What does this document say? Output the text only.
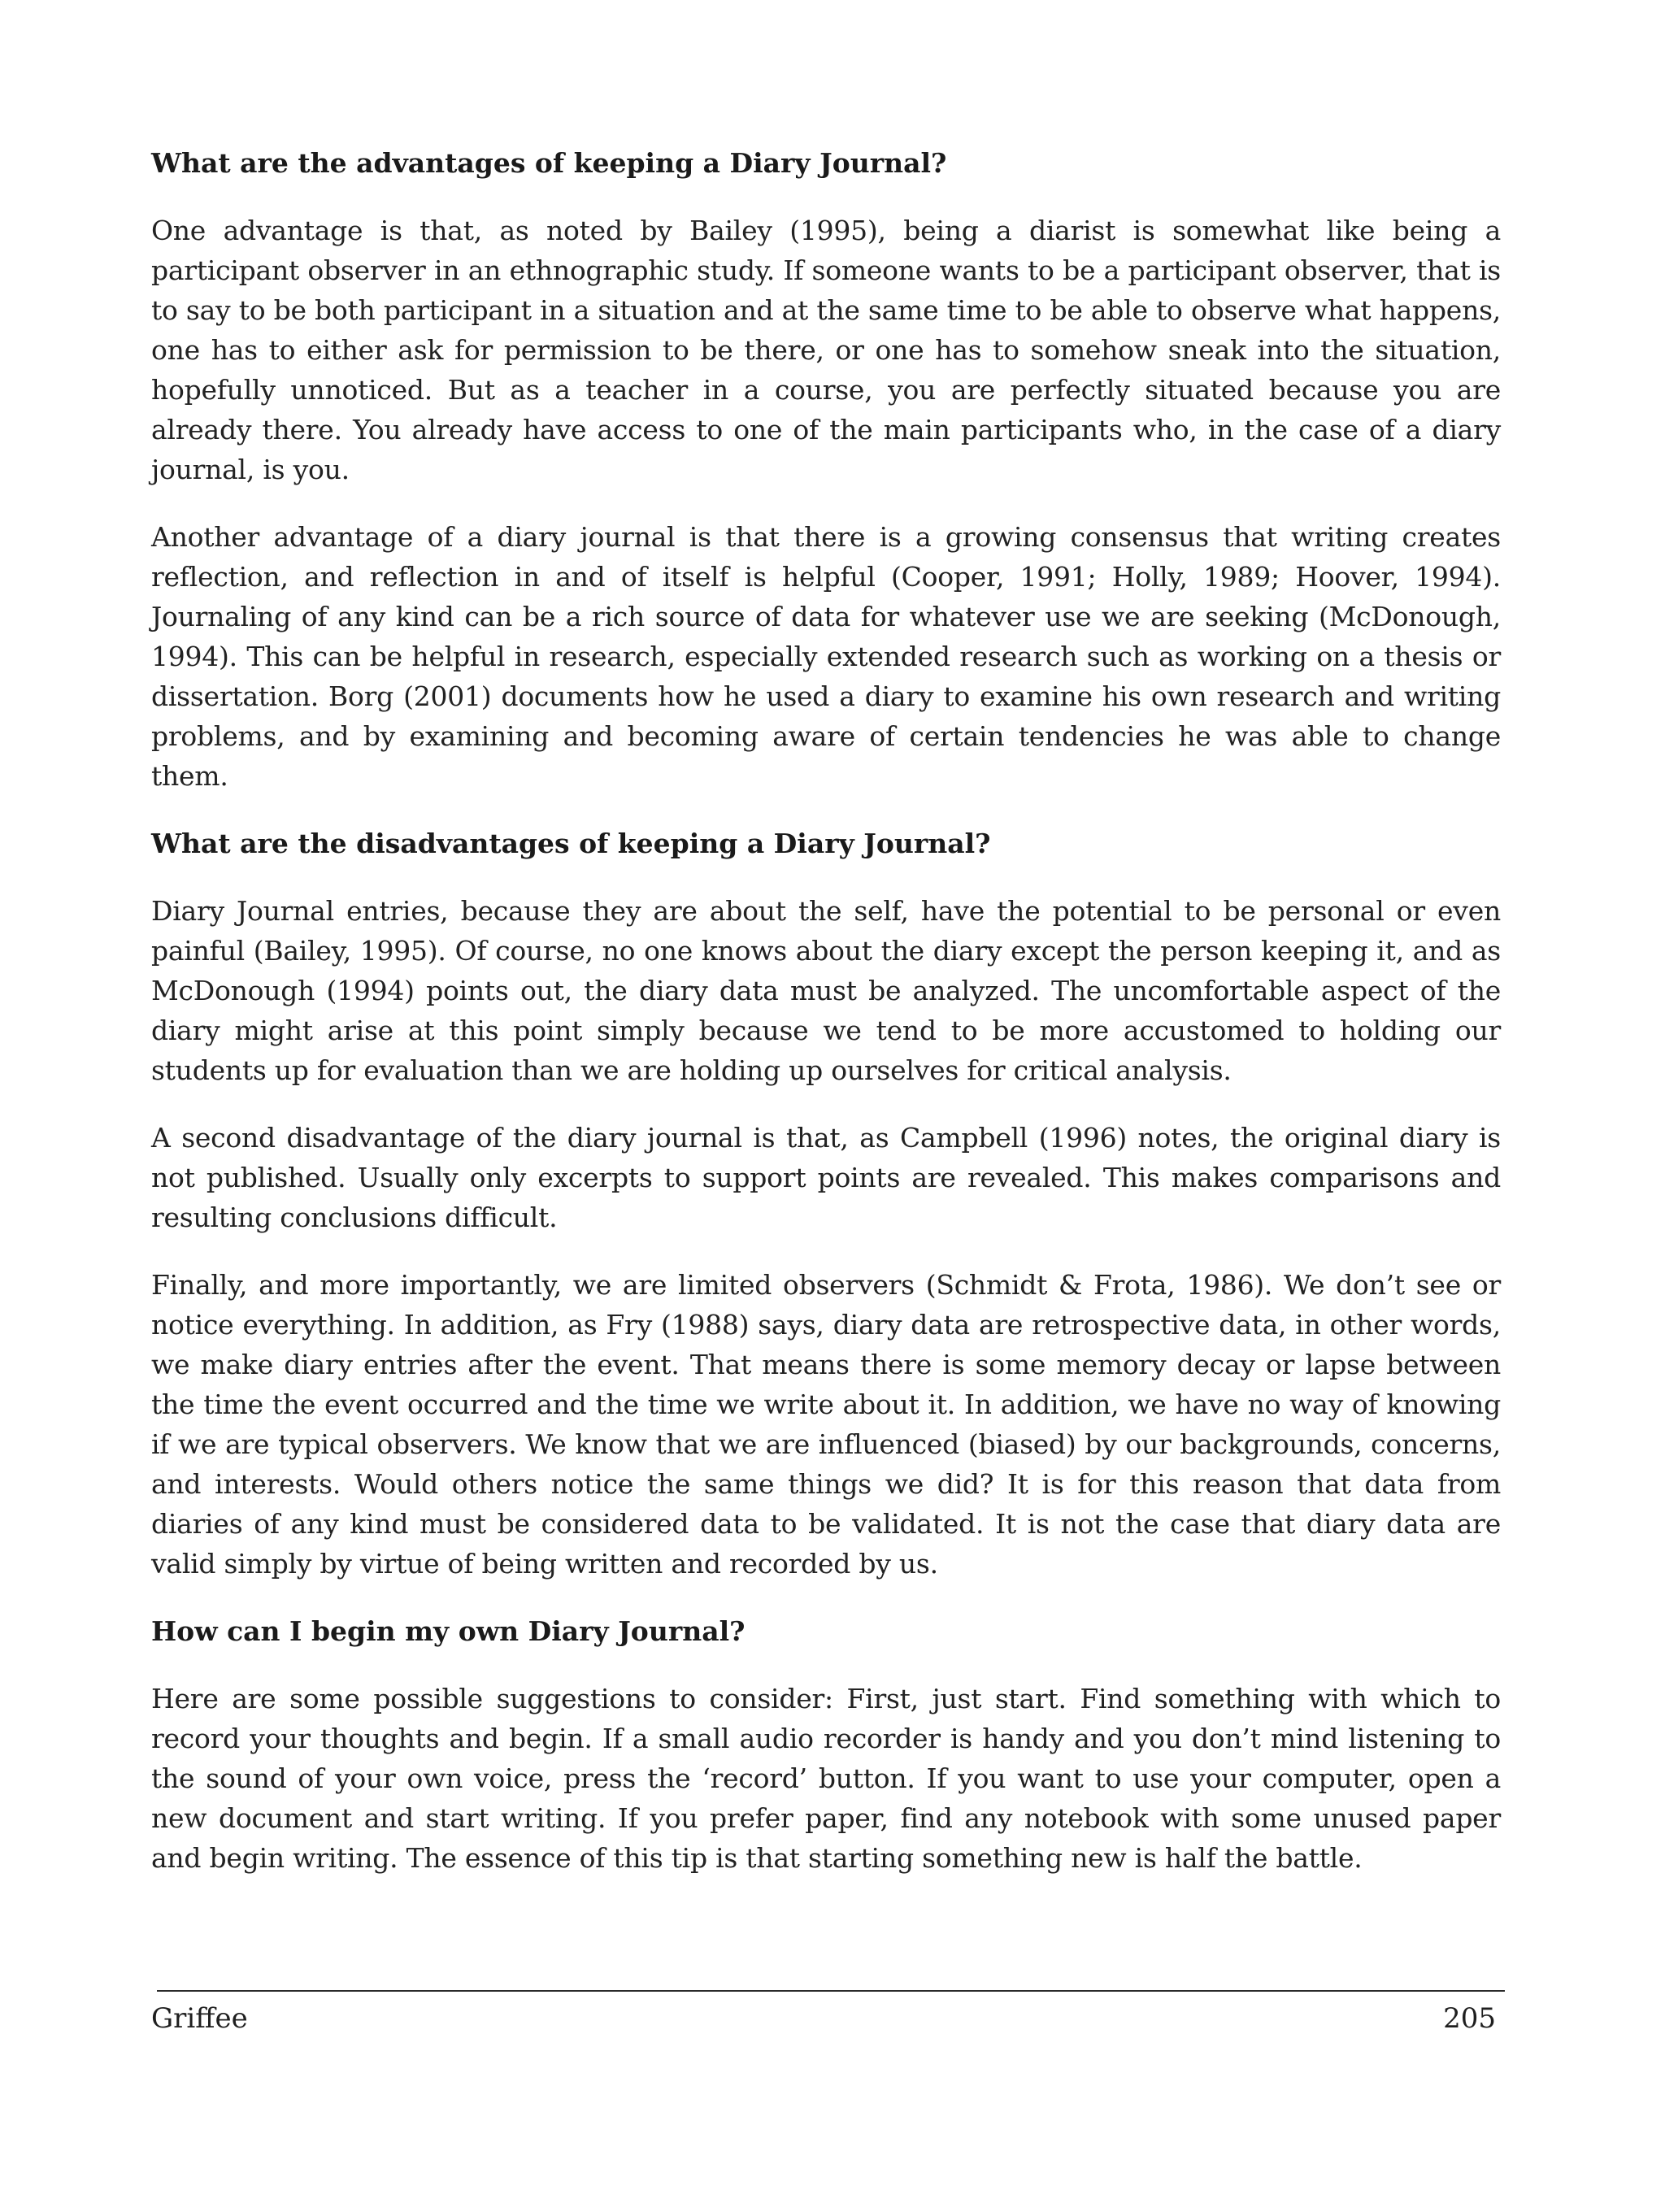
What are the advantages of keeping a Diary Journal?

One advantage is that, as noted by Bailey (1995), being a diarist is somewhat like being a participant observer in an ethnographic study. If someone wants to be a participant observer, that is to say to be both participant in a situation and at the same time to be able to observe what happens, one has to either ask for permission to be there, or one has to somehow sneak into the situation, hopefully unnoticed. But as a teacher in a course, you are perfectly situated because you are already there. You already have access to one of the main participants who, in the case of a diary journal, is you.

Another advantage of a diary journal is that there is a growing consensus that writing creates reflection, and reflection in and of itself is helpful (Cooper, 1991; Holly, 1989; Hoover, 1994). Journaling of any kind can be a rich source of data for whatever use we are seeking (McDonough, 1994). This can be helpful in research, especially extended research such as working on a thesis or dissertation. Borg (2001) documents how he used a diary to examine his own research and writing problems, and by examining and becoming aware of certain tendencies he was able to change them.

What are the disadvantages of keeping a Diary Journal?

Diary Journal entries, because they are about the self, have the potential to be personal or even painful (Bailey, 1995). Of course, no one knows about the diary except the person keeping it, and as McDonough (1994) points out, the diary data must be analyzed. The uncomfortable aspect of the diary might arise at this point simply because we tend to be more accustomed to holding our students up for evaluation than we are holding up ourselves for critical analysis.

A second disadvantage of the diary journal is that, as Campbell (1996) notes, the original diary is not published. Usually only excerpts to support points are revealed. This makes comparisons and resulting conclusions difficult.

Finally, and more importantly, we are limited observers (Schmidt & Frota, 1986). We don’t see or notice everything. In addition, as Fry (1988) says, diary data are retrospective data, in other words, we make diary entries after the event. That means there is some memory decay or lapse between the time the event occurred and the time we write about it. In addition, we have no way of knowing if we are typical observers. We know that we are influenced (biased) by our backgrounds, concerns, and interests. Would others notice the same things we did? It is for this reason that data from diaries of any kind must be considered data to be validated. It is not the case that diary data are valid simply by virtue of being written and recorded by us.

How can I begin my own Diary Journal?

Here are some possible suggestions to consider: First, just start. Find something with which to record your thoughts and begin. If a small audio recorder is handy and you don’t mind listening to the sound of your own voice, press the ‘record’ button. If you want to use your computer, open a new document and start writing. If you prefer paper, find any notebook with some unused paper and begin writing. The essence of this tip is that starting something new is half the battle.

Griffee	205
